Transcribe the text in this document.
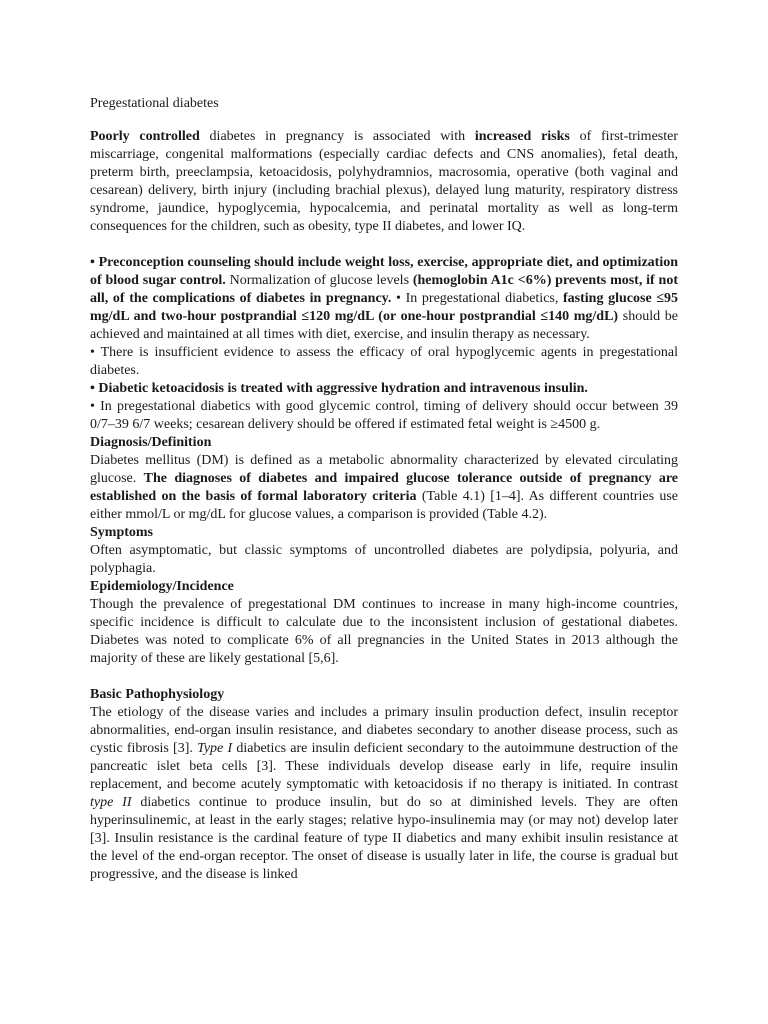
Pregestational diabetes

Poorly controlled diabetes in pregnancy is associated with increased risks of first-trimester miscarriage, congenital malformations (especially cardiac defects and CNS anomalies), fetal death, preterm birth, preeclampsia, ketoacidosis, polyhydramnios, macrosomia, operative (both vaginal and cesarean) delivery, birth injury (including brachial plexus), delayed lung maturity, respiratory distress syndrome, jaundice, hypoglycemia, hypocalcemia, and perinatal mortality as well as long-term consequences for the children, such as obesity, type II diabetes, and lower IQ.

• Preconception counseling should include weight loss, exercise, appropriate diet, and optimization of blood sugar control. Normalization of glucose levels (hemoglobin A1c <6%) prevents most, if not all, of the complications of diabetes in pregnancy. • In pregestational diabetics, fasting glucose ≤95 mg/dL and two-hour postprandial ≤120 mg/dL (or one-hour postprandial ≤140 mg/dL) should be achieved and maintained at all times with diet, exercise, and insulin therapy as necessary.

• There is insufficient evidence to assess the efficacy of oral hypoglycemic agents in pregestational diabetes.

• Diabetic ketoacidosis is treated with aggressive hydration and intravenous insulin.

• In pregestational diabetics with good glycemic control, timing of delivery should occur between 39 0/7–39 6/7 weeks; cesarean delivery should be offered if estimated fetal weight is ≥4500 g.

Diagnosis/Definition

Diabetes mellitus (DM) is defined as a metabolic abnormality characterized by elevated circulating glucose. The diagnoses of diabetes and impaired glucose tolerance outside of pregnancy are established on the basis of formal laboratory criteria (Table 4.1) [1–4]. As different countries use either mmol/L or mg/dL for glucose values, a comparison is provided (Table 4.2).

Symptoms

Often asymptomatic, but classic symptoms of uncontrolled diabetes are polydipsia, polyuria, and polyphagia.

Epidemiology/Incidence

Though the prevalence of pregestational DM continues to increase in many high-income countries, specific incidence is difficult to calculate due to the inconsistent inclusion of gestational diabetes. Diabetes was noted to complicate 6% of all pregnancies in the United States in 2013 although the majority of these are likely gestational [5,6].

Basic Pathophysiology

The etiology of the disease varies and includes a primary insulin production defect, insulin receptor abnormalities, end-organ insulin resistance, and diabetes secondary to another disease process, such as cystic fibrosis [3]. Type I diabetics are insulin deficient secondary to the autoimmune destruction of the pancreatic islet beta cells [3]. These individuals develop disease early in life, require insulin replacement, and become acutely symptomatic with ketoacidosis if no therapy is initiated. In contrast type II diabetics continue to produce insulin, but do so at diminished levels. They are often hyperinsulinemic, at least in the early stages; relative hypo-insulinemia may (or may not) develop later [3]. Insulin resistance is the cardinal feature of type II diabetics and many exhibit insulin resistance at the level of the end-organ receptor. The onset of disease is usually later in life, the course is gradual but progressive, and the disease is linked
